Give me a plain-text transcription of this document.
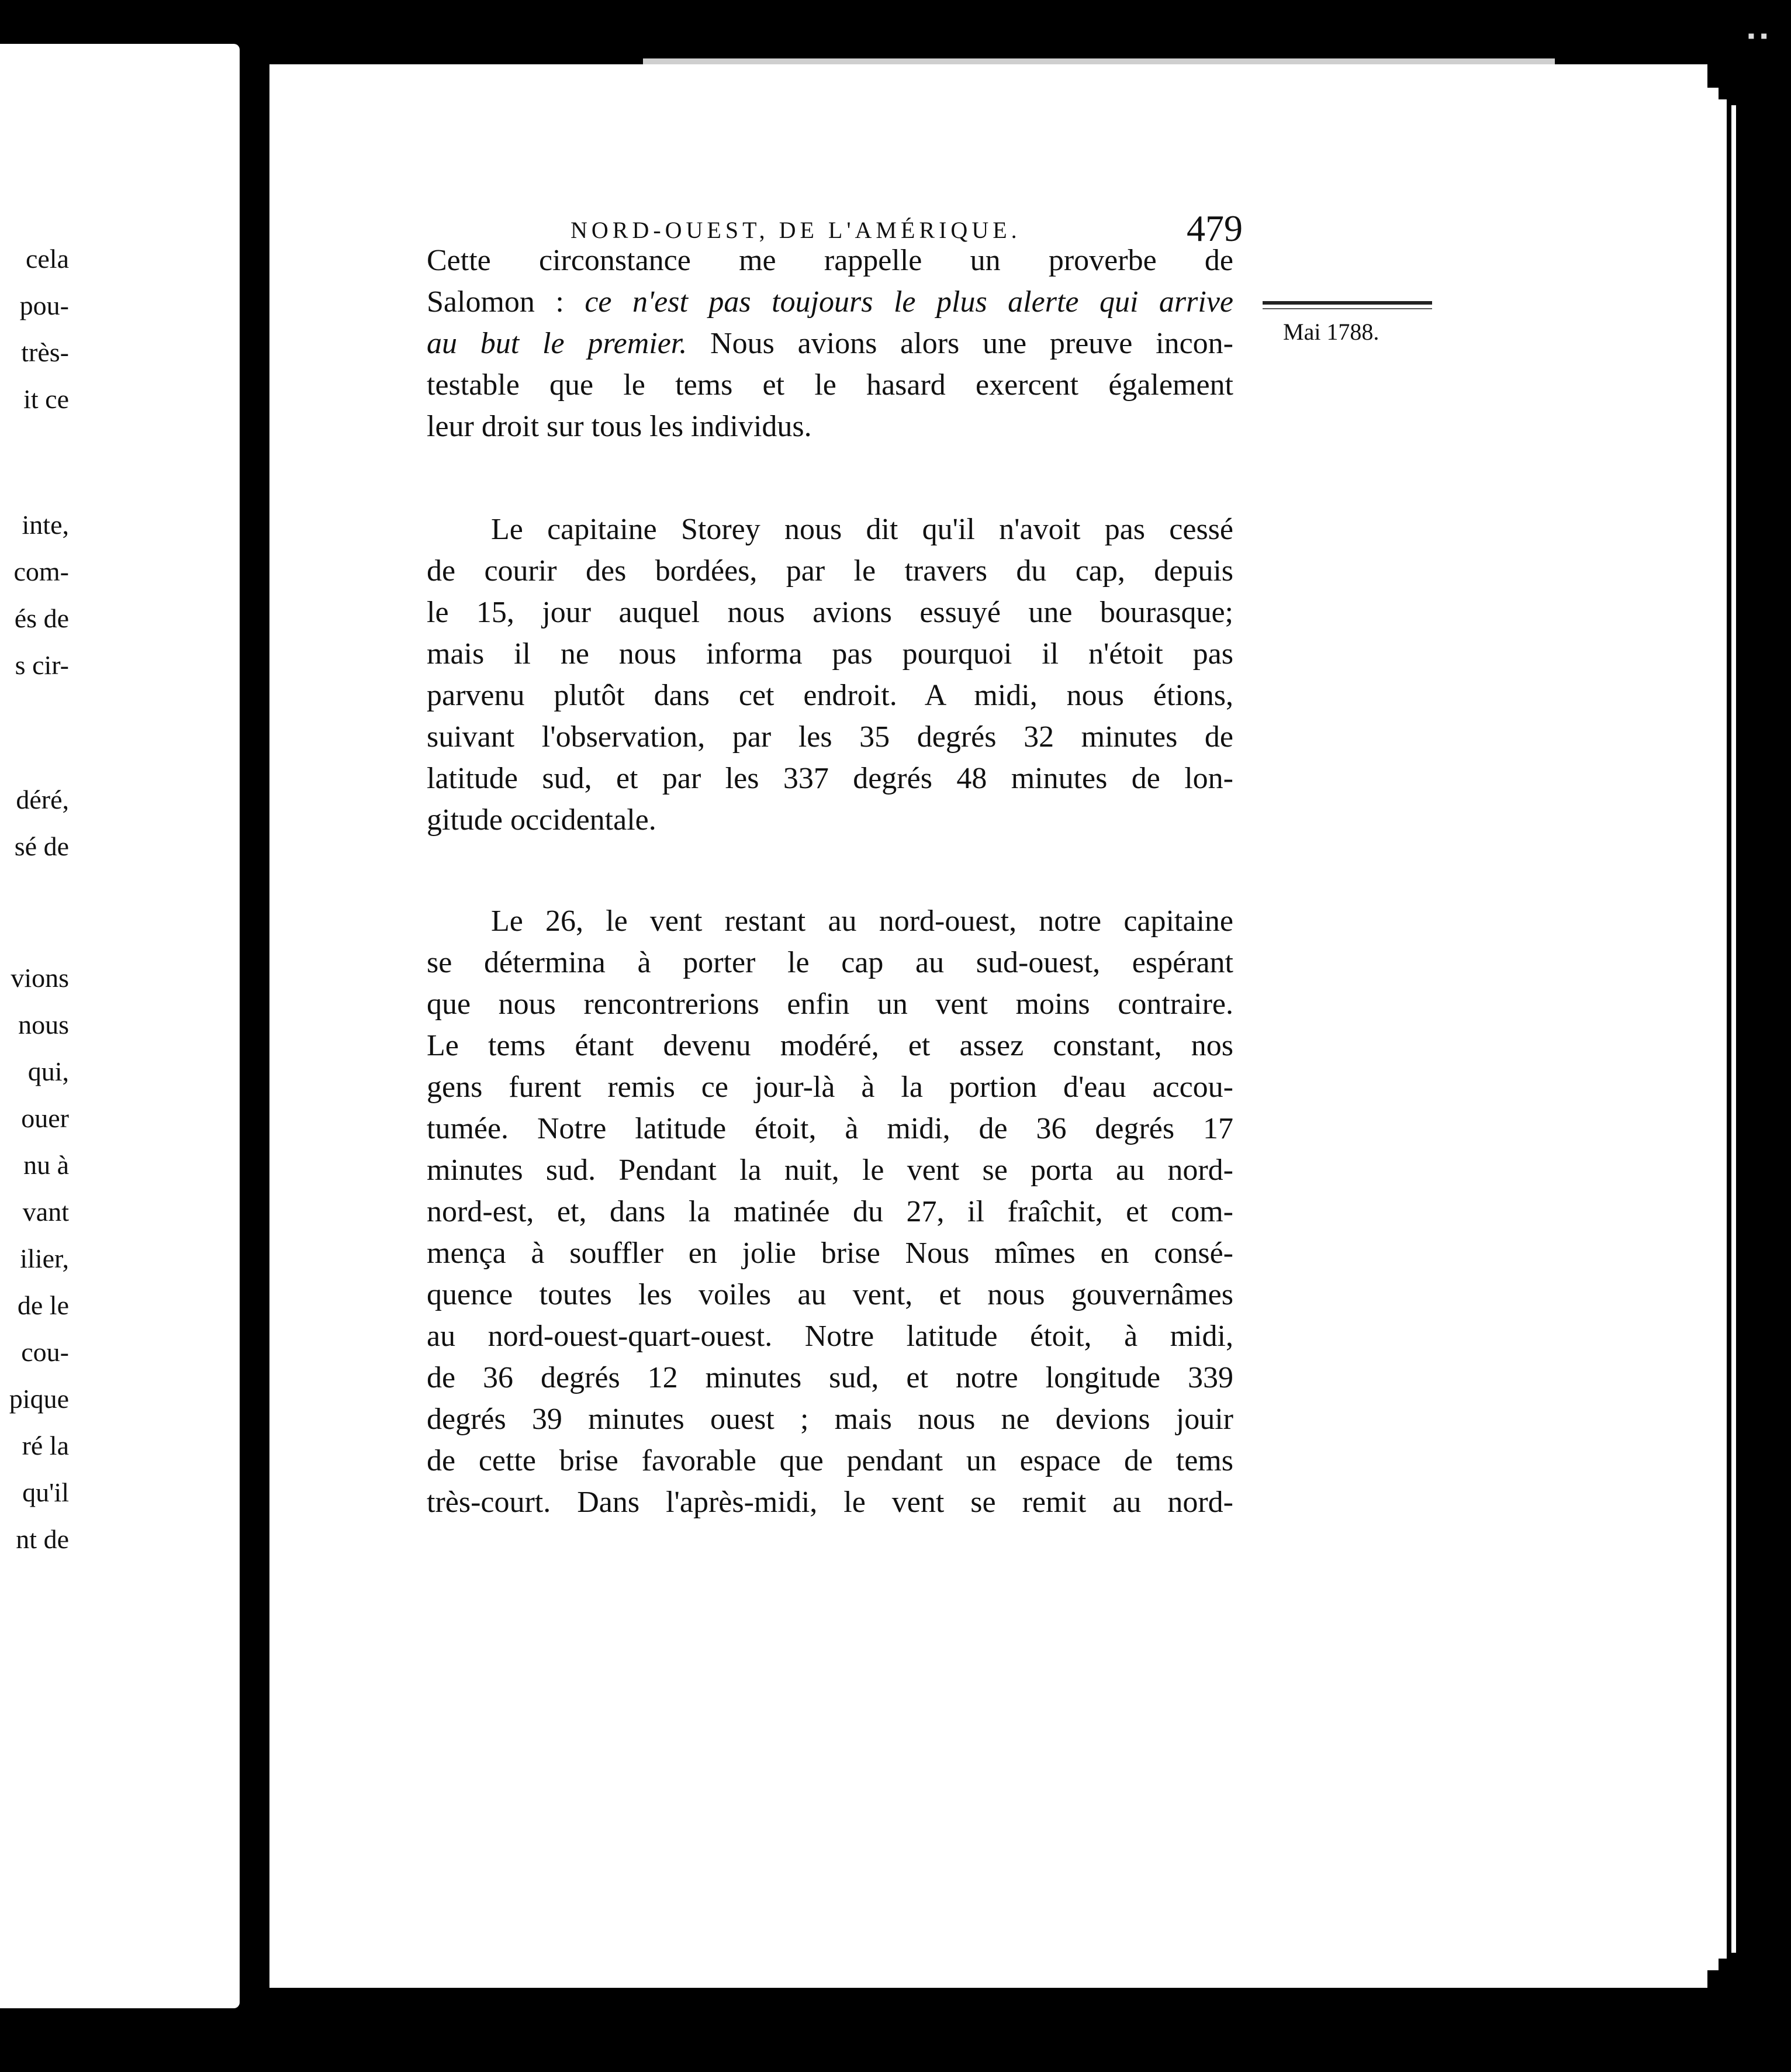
cela
pou-
très-
it ce
inte,
com-
és de
s cir-
déré,
sé de
vions
nous
qui,
ouer
nu à
vant
ilier,
de le
cou-
pique
ré la
qu'il
nt de
NORD-OUEST, DE L'AMÉRIQUE.	479
Mai 1788.
Cette circonstance me rappelle un proverbe de
Salomon : ce n'est pas toujours le plus alerte qui arrive
au but le premier. Nous avions alors une preuve incon-
testable que le tems et le hasard exercent également
leur droit sur tous les individus.
Le capitaine Storey nous dit qu'il n'avoit pas cessé
de courir des bordées, par le travers du cap, depuis
le 15, jour auquel nous avions essuyé une bourasque;
mais il ne nous informa pas pourquoi il n'étoit pas
parvenu plutôt dans cet endroit. A midi, nous étions,
suivant l'observation, par les 35 degrés 32 minutes de
latitude sud, et par les 337 degrés 48 minutes de lon-
gitude occidentale.
Le 26, le vent restant au nord-ouest, notre capitaine
se détermina à porter le cap au sud-ouest, espérant
que nous rencontrerions enfin un vent moins contraire.
Le tems étant devenu modéré, et assez constant, nos
gens furent remis ce jour-là à la portion d'eau accou-
tumée. Notre latitude étoit, à midi, de 36 degrés 17
minutes sud. Pendant la nuit, le vent se porta au nord-
nord-est, et, dans la matinée du 27, il fraîchit, et com-
mença à souffler en jolie brise Nous mîmes en consé-
quence toutes les voiles au vent, et nous gouvernâmes
au nord-ouest-quart-ouest. Notre latitude étoit, à midi,
de 36 degrés 12 minutes sud, et notre longitude 339
degrés 39 minutes ouest ; mais nous ne devions jouir
de cette brise favorable que pendant un espace de tems
très-court. Dans l'après-midi, le vent se remit au nord-
▪ ▪
